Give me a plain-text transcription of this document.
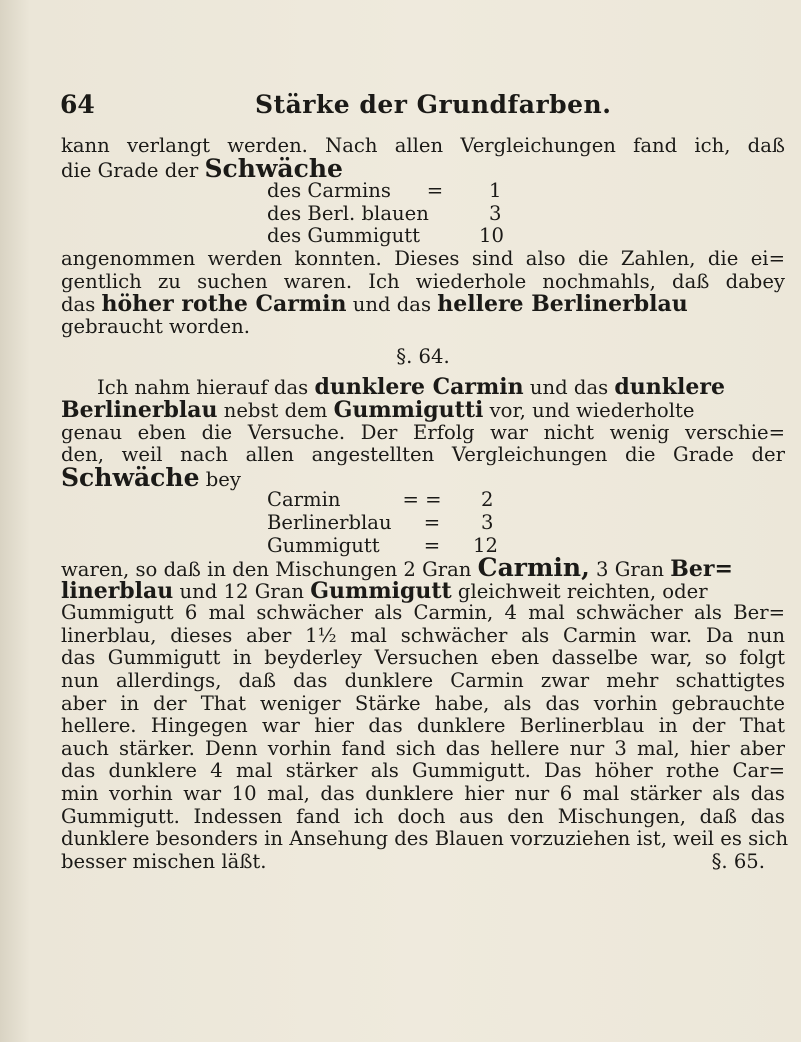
64	Stärke der Grundfarben.
kann verlangt werden. Nach allen Vergleichungen fand ich, daß
die Grade der Schwäche
des Carmins	=	1
des Berl. blauen	3
des Gummigutt	10
angenommen werden konnten. Dieses sind also die Zahlen, die ei=
gentlich zu suchen waren. Ich wiederhole nochmahls, daß dabey
das höher rothe Carmin und das hellere Berlinerblau
gebraucht worden.
§. 64.
Ich nahm hierauf das dunklere Carmin und das dunklere
Berlinerblau nebst dem Gummigutti vor, und wiederholte
genau eben die Versuche. Der Erfolg war nicht wenig verschie=
den, weil nach allen angestellten Vergleichungen die Grade der
Schwäche bey
Carmin	= =	2
Berlinerblau	=	3
Gummigutt	=	12
waren, so daß in den Mischungen 2 Gran Carmin, 3 Gran Ber=
linerblau und 12 Gran Gummigutt gleichweit reichten, oder
Gummigutt 6 mal schwächer als Carmin, 4 mal schwächer als Ber=
linerblau, dieses aber 1½ mal schwächer als Carmin war. Da nun
das Gummigutt in beyderley Versuchen eben dasselbe war, so folgt
nun allerdings, daß das dunklere Carmin zwar mehr schattigtes
aber in der That weniger Stärke habe, als das vorhin gebrauchte
hellere. Hingegen war hier das dunklere Berlinerblau in der That
auch stärker. Denn vorhin fand sich das hellere nur 3 mal, hier aber
das dunklere 4 mal stärker als Gummigutt. Das höher rothe Car=
min vorhin war 10 mal, das dunklere hier nur 6 mal stärker als das
Gummigutt. Indessen fand ich doch aus den Mischungen, daß das
dunklere besonders in Ansehung des Blauen vorzuziehen ist, weil es sich
besser mischen läßt.	§. 65.
